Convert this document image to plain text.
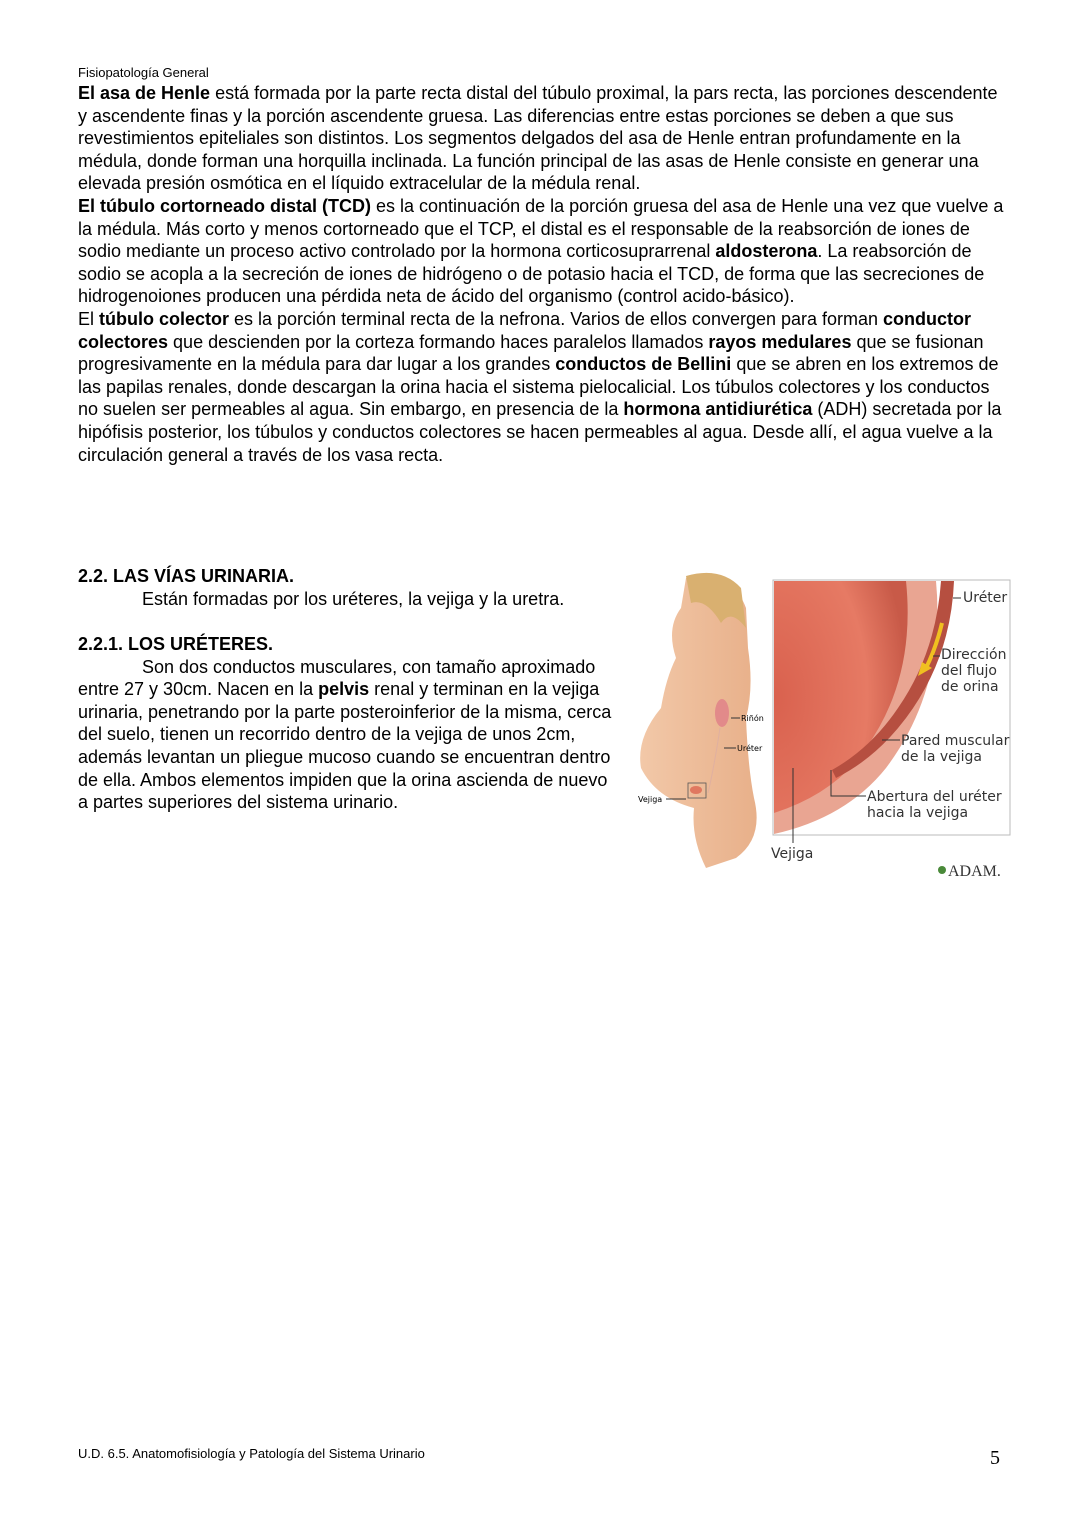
Fisiopatología General

El asa de Henle está formada por la parte recta distal del túbulo proximal, la pars recta, las porciones descendente y ascendente finas y la porción ascendente gruesa. Las diferencias entre estas porciones se deben a que sus revestimientos epiteliales son distintos. Los segmentos delgados del asa de Henle entran profundamente en la médula, donde forman una horquilla inclinada. La función principal de las asas de Henle consiste en generar una elevada presión osmótica en el líquido extracelular de la médula renal.

El túbulo cortorneado distal (TCD) es la continuación de la porción gruesa del asa de Henle una vez que vuelve a la médula. Más corto y menos cortorneado que el TCP, el distal es el responsable de la reabsorción de iones de sodio mediante un proceso activo controlado por la hormona corticosuprarrenal aldosterona. La reabsorción de sodio se acopla a la secreción de iones de hidrógeno o de potasio hacia el TCD, de forma que las secreciones de hidrogenoiones producen una pérdida neta de ácido del organismo (control acido-básico).

El túbulo colector es la porción terminal recta de la nefrona. Varios de ellos convergen para forman conductor colectores que descienden por la corteza formando haces paralelos llamados rayos medulares que se fusionan progresivamente en la médula para dar lugar a los grandes conductos de Bellini que se abren en los extremos de las papilas renales, donde descargan la orina hacia el sistema pielocalicial. Los túbulos colectores y los conductos no suelen ser permeables al agua. Sin embargo, en presencia de la hormona antidiurética (ADH) secretada por la hipófisis posterior, los túbulos y conductos colectores se hacen permeables al agua. Desde allí, el agua vuelve a la circulación general a través de los vasa recta.

2.2. LAS VÍAS URINARIA.
Están formadas por los uréteres, la vejiga y la uretra.
2.2.1. LOS URÉTERES.
Son dos conductos musculares, con tamaño aproximado entre 27 y 30cm. Nacen en la pelvis renal y terminan en la vejiga urinaria, penetrando por la parte posteroinferior de la misma, cerca del suelo, tienen un recorrido dentro de la vejiga de unos 2cm, además levantan un pliegue mucoso cuando se encuentran dentro de ella. Ambos elementos impiden que la orina ascienda de nuevo a partes superiores del sistema urinario.
Riñón
Uréter
Vejiga
Uréter
Dirección
del flujo
de orina
Pared muscular
de la vejiga
Abertura del uréter
hacia la vejiga
Vejiga
ADAM.
U.D. 6.5. Anatomofisiología y Patología del Sistema Urinario	5
